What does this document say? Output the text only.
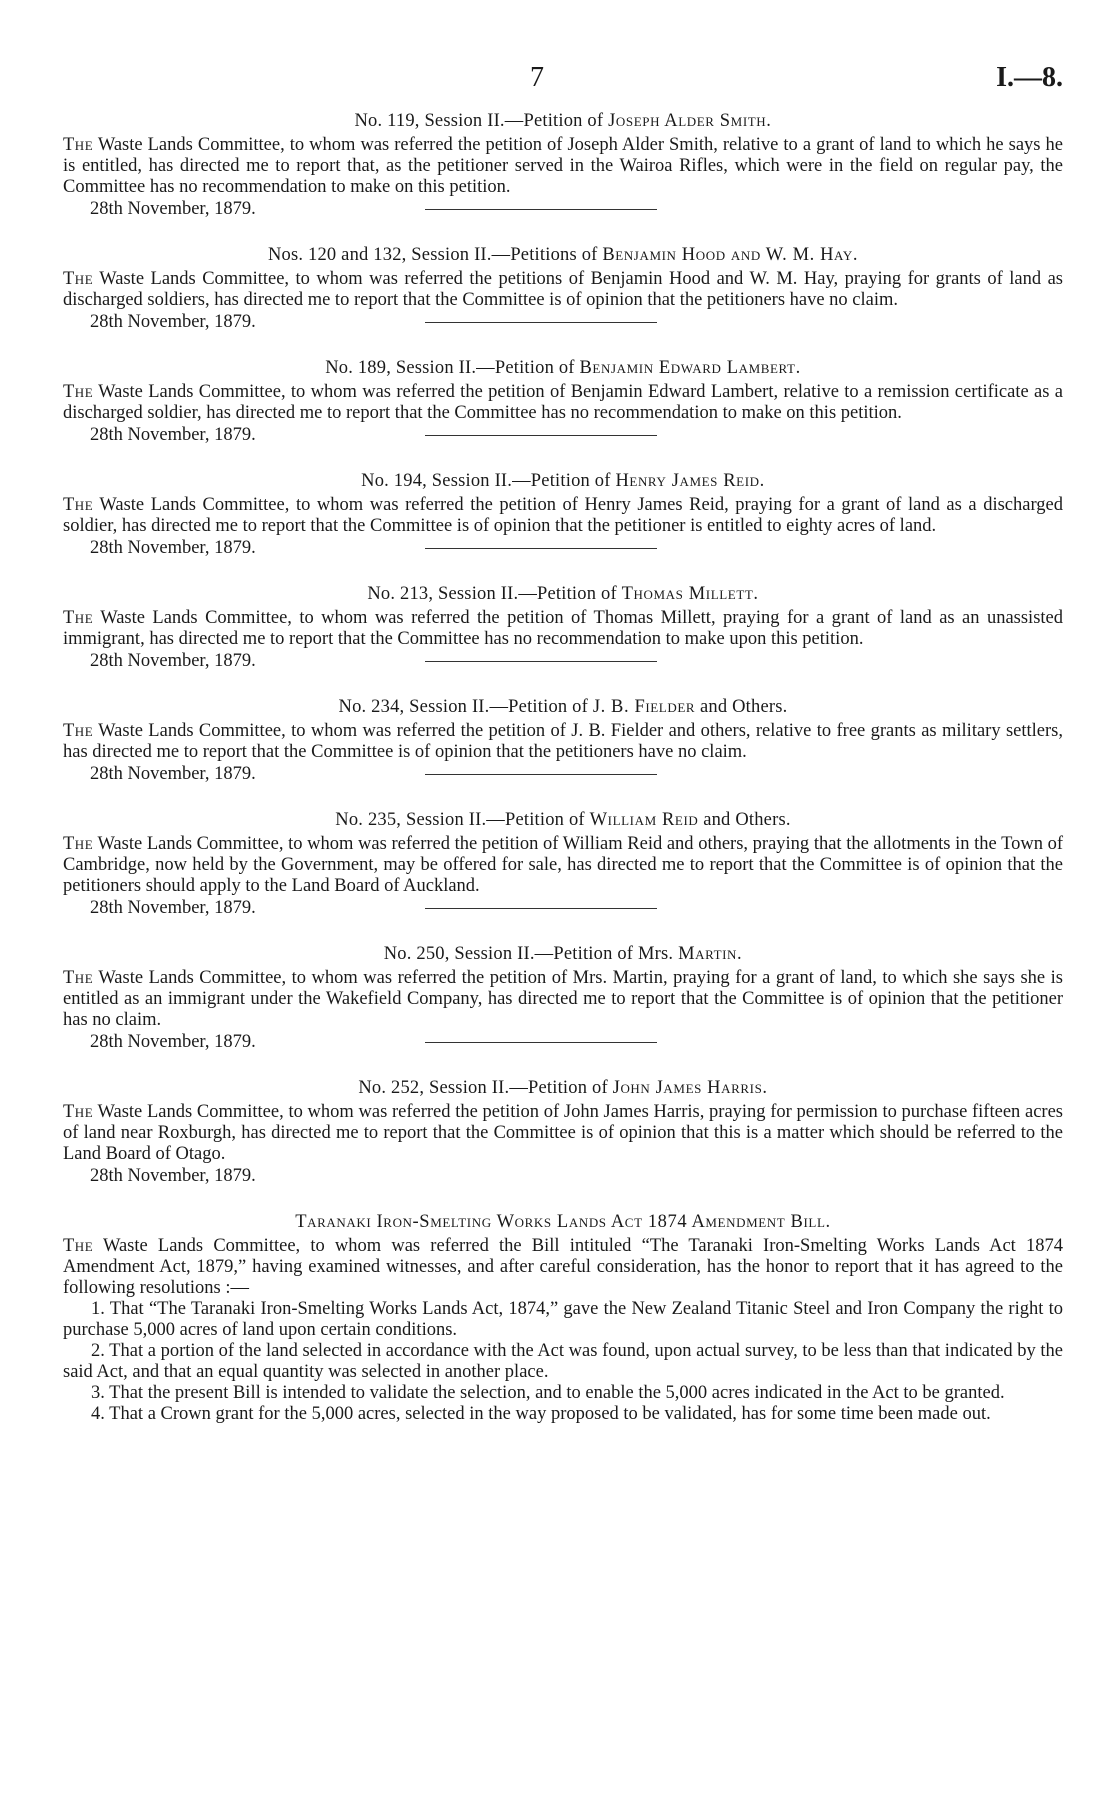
7	I.—8.

No. 119, Session II.—Petition of Joseph Alder Smith.

The Waste Lands Committee, to whom was referred the petition of Joseph Alder Smith, relative to a grant of land to which he says he is entitled, has directed me to report that, as the petitioner served in the Wairoa Rifles, which were in the field on regular pay, the Committee has no recommendation to make on this petition.

28th November, 1879.

Nos. 120 and 132, Session II.—Petitions of Benjamin Hood and W. M. Hay.

The Waste Lands Committee, to whom was referred the petitions of Benjamin Hood and W. M. Hay, praying for grants of land as discharged soldiers, has directed me to report that the Committee is of opinion that the petitioners have no claim.

28th November, 1879.

No. 189, Session II.—Petition of Benjamin Edward Lambert.

The Waste Lands Committee, to whom was referred the petition of Benjamin Edward Lambert, relative to a remission certificate as a discharged soldier, has directed me to report that the Committee has no recommendation to make on this petition.

28th November, 1879.

No. 194, Session II.—Petition of Henry James Reid.

The Waste Lands Committee, to whom was referred the petition of Henry James Reid, praying for a grant of land as a discharged soldier, has directed me to report that the Committee is of opinion that the petitioner is entitled to eighty acres of land.

28th November, 1879.

No. 213, Session II.—Petition of Thomas Millett.

The Waste Lands Committee, to whom was referred the petition of Thomas Millett, praying for a grant of land as an unassisted immigrant, has directed me to report that the Committee has no recommendation to make upon this petition.

28th November, 1879.

No. 234, Session II.—Petition of J. B. Fielder and Others.

The Waste Lands Committee, to whom was referred the petition of J. B. Fielder and others, relative to free grants as military settlers, has directed me to report that the Committee is of opinion that the petitioners have no claim.

28th November, 1879.

No. 235, Session II.—Petition of William Reid and Others.

The Waste Lands Committee, to whom was referred the petition of William Reid and others, praying that the allotments in the Town of Cambridge, now held by the Government, may be offered for sale, has directed me to report that the Committee is of opinion that the petitioners should apply to the Land Board of Auckland.

28th November, 1879.

No. 250, Session II.—Petition of Mrs. Martin.

The Waste Lands Committee, to whom was referred the petition of Mrs. Martin, praying for a grant of land, to which she says she is entitled as an immigrant under the Wakefield Company, has directed me to report that the Committee is of opinion that the petitioner has no claim.

28th November, 1879.

No. 252, Session II.—Petition of John James Harris.

The Waste Lands Committee, to whom was referred the petition of John James Harris, praying for permission to purchase fifteen acres of land near Roxburgh, has directed me to report that the Committee is of opinion that this is a matter which should be referred to the Land Board of Otago.

28th November, 1879.

Taranaki Iron-Smelting Works Lands Act 1874 Amendment Bill.

The Waste Lands Committee, to whom was referred the Bill intituled “The Taranaki Iron-Smelting Works Lands Act 1874 Amendment Act, 1879,” having examined witnesses, and after careful consideration, has the honor to report that it has agreed to the following resolutions :—

1. That “The Taranaki Iron-Smelting Works Lands Act, 1874,” gave the New Zealand Titanic Steel and Iron Company the right to purchase 5,000 acres of land upon certain conditions.

2. That a portion of the land selected in accordance with the Act was found, upon actual survey, to be less than that indicated by the said Act, and that an equal quantity was selected in another place.

3. That the present Bill is intended to validate the selection, and to enable the 5,000 acres indicated in the Act to be granted.

4. That a Crown grant for the 5,000 acres, selected in the way proposed to be validated, has for some time been made out.
